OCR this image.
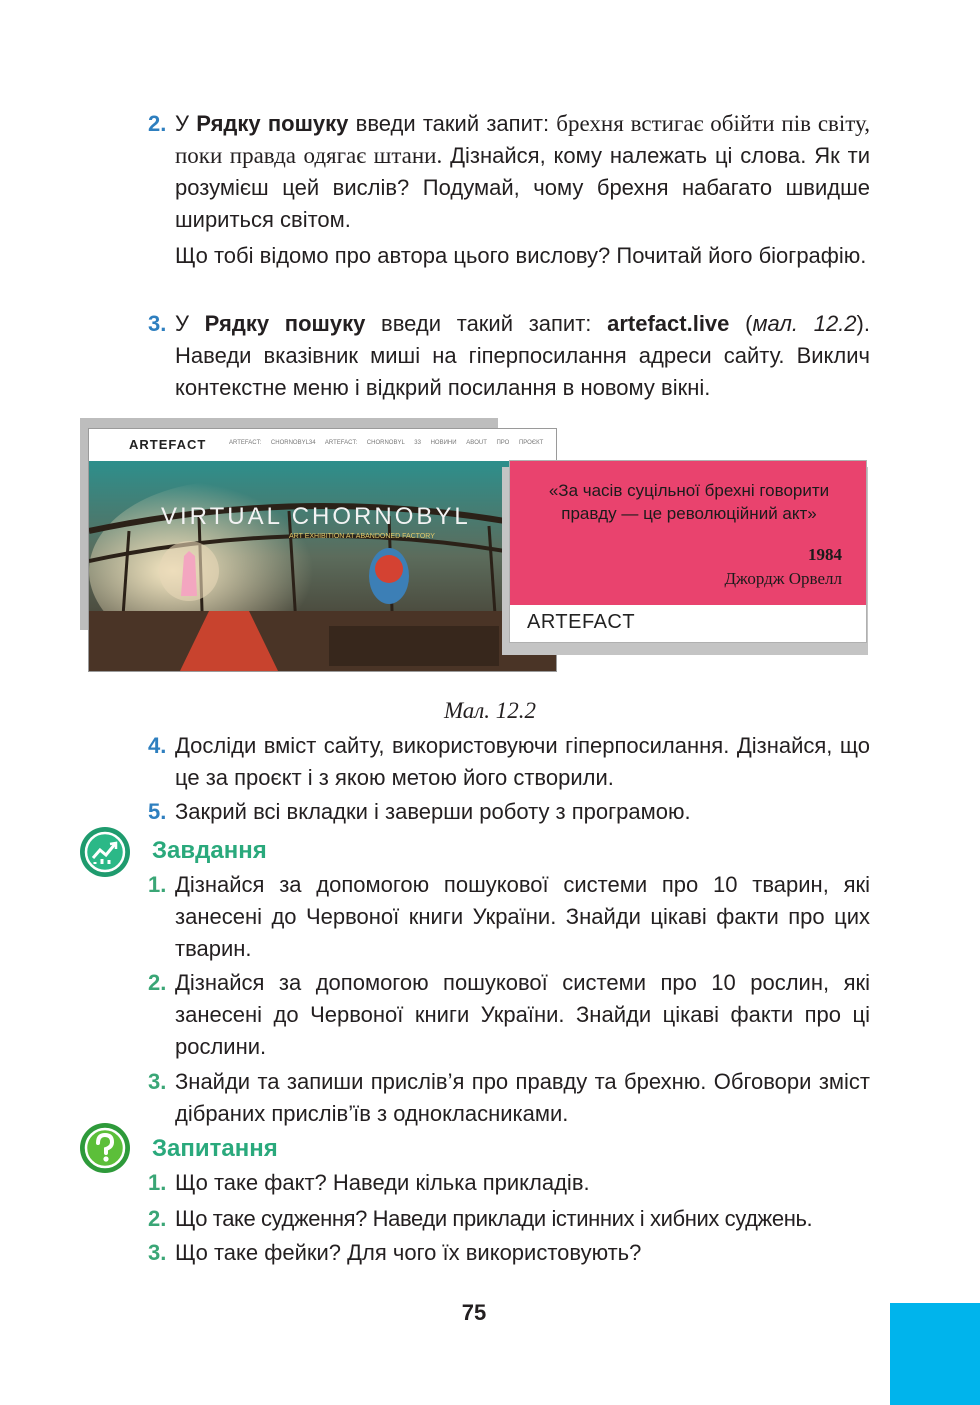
2. У Рядку пошуку введи такий запит: брехня встигає обійти пів світу, поки правда одягає штани. Дізнайся, кому належать ці слова. Як ти розумієш цей вислів? Подумай, чому брехня набагато швидше шириться світом.
Що тобі відомо про автора цього вислову? Почитай його біографію.
3. У Рядку пошуку введи такий запит: artefact.live (мал. 12.2). Наведи вказівник миші на гіперпосилання адреси сайту. Виклич контекстне меню і відкрий посилання в новому вікні.
ARTEFACT	ARTEFACT: CHORNOBYL34 ARTEFACT: CHORNOBYL 33 НОВИНИ ABOUT ПРО ПРОЄКТ
VIRTUAL CHORNOBYL
ART EXHIBITION AT ABANDONED FACTORY
«За часів суцільної брехні говорити правду — це революційний акт»
1984
Джордж Орвелл
ARTEFACT
Мал. 12.2
4. Досліди вміст сайту, використовуючи гіперпосилання. Дізнайся, що це за проєкт і з якою метою його створили.
5. Закрий всі вкладки і заверши роботу з програмою.
Завдання
1. Дізнайся за допомогою пошукової системи про 10 тварин, які занесені до Червоної книги України. Знайди цікаві факти про цих тварин.
2. Дізнайся за допомогою пошукової системи про 10 рослин, які занесені до Червоної книги України. Знайди цікаві факти про ці рослини.
3. Знайди та запиши прислів’я про правду та брехню. Обговори зміст дібраних прислів’їв з однокласниками.
Запитання
1. Що таке факт? Наведи кілька прикладів.
2. Що таке судження? Наведи приклади істинних і хибних суджень.
3. Що таке фейки? Для чого їх використовують?
75
